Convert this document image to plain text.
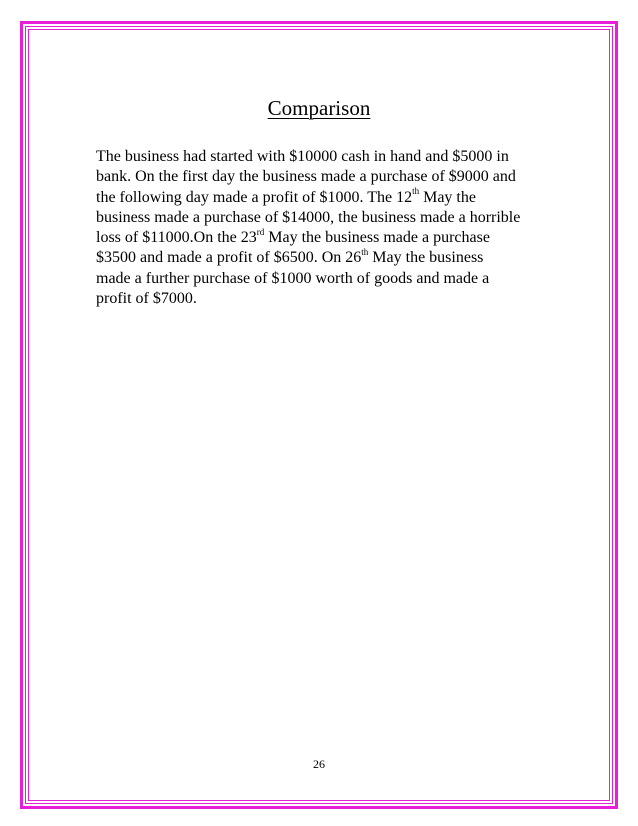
Comparison
The business had started with $10000 cash in hand and $5000 in
bank. On the first day the business made a purchase of $9000 and
the following day made a profit of $1000. The 12th May the
business made a purchase of $14000, the business made a horrible
loss of $11000.On the 23rd May the business made a purchase
$3500 and made a profit of $6500. On 26th May the business
made a further purchase of $1000 worth of goods and made a
profit of $7000.
26
